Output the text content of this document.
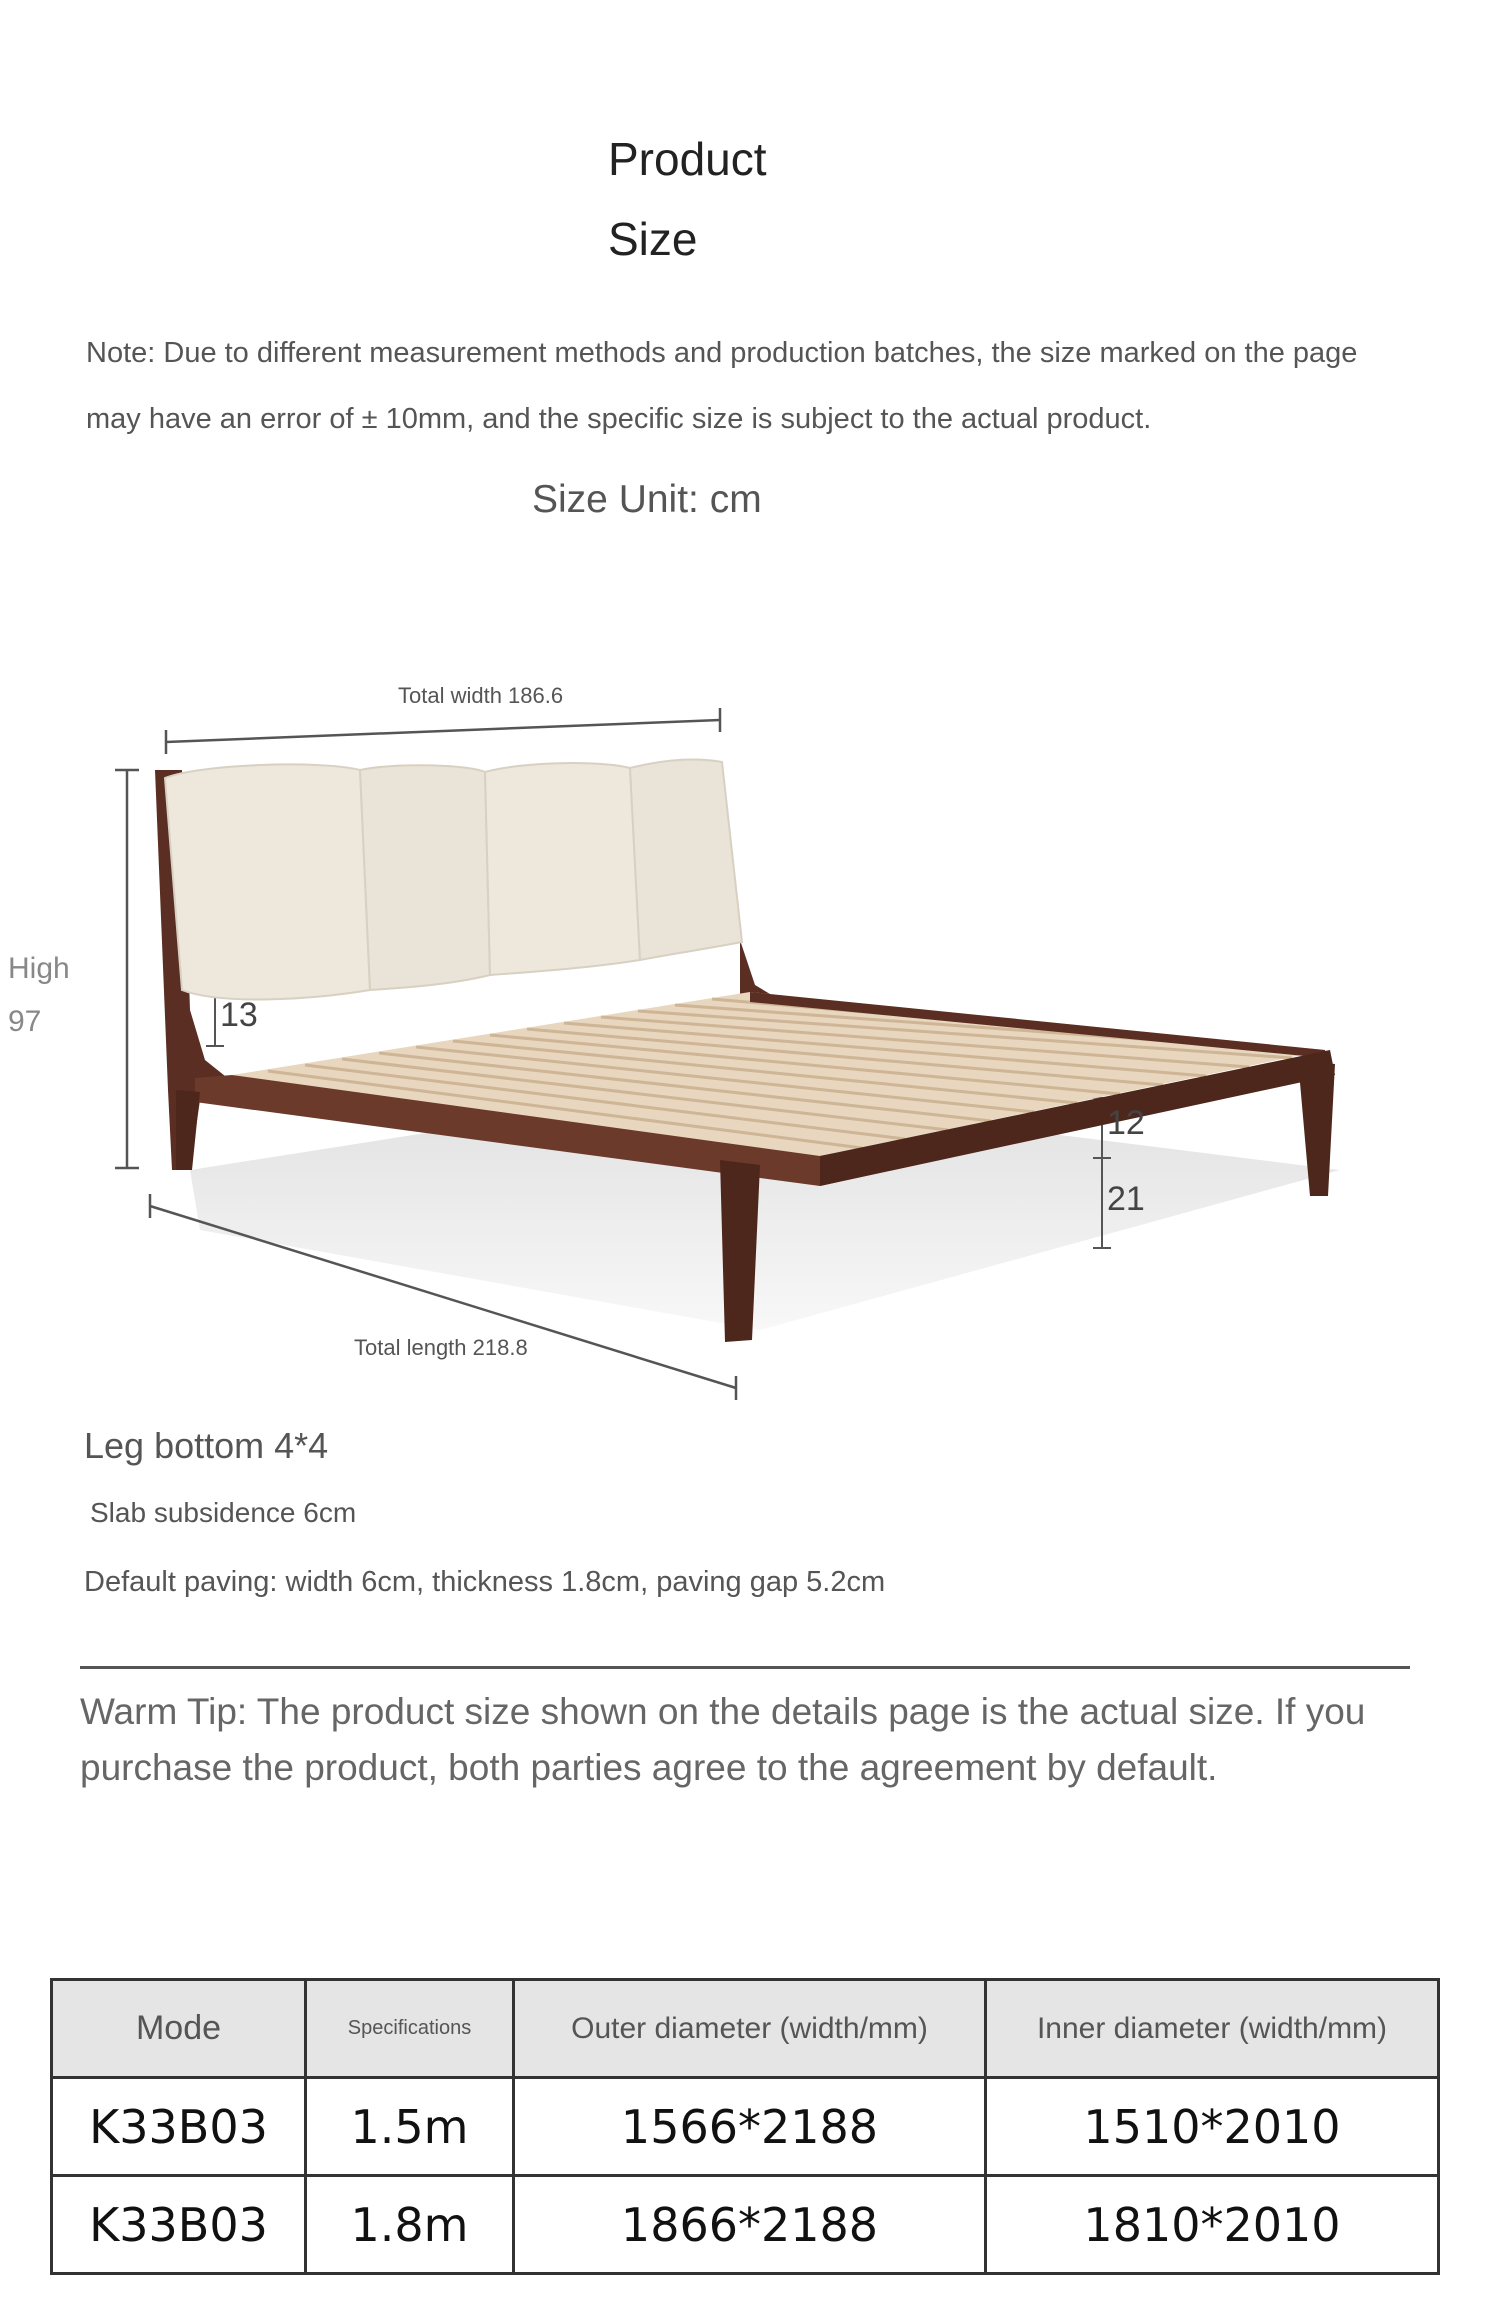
Product
Size
Note: Due to different measurement methods and production batches, the size marked on the page may have an error of ± 10mm, and the specific size is subject to the actual product.
Size Unit: cm
Total width 186.6
Total length 218.8
High
97	13
12
21
Leg bottom 4*4
Slab subsidence 6cm
Default paving: width 6cm, thickness 1.8cm, paving gap 5.2cm
Warm Tip: The product size shown on the details page is the actual size. If you purchase the product, both parties agree to the agreement by default.
Mode	Specifications	Outer diameter (width/mm)	Inner diameter (width/mm)
K33B03	1.5m	1566*2188	1510*2010
K33B03	1.8m	1866*2188	1810*2010
